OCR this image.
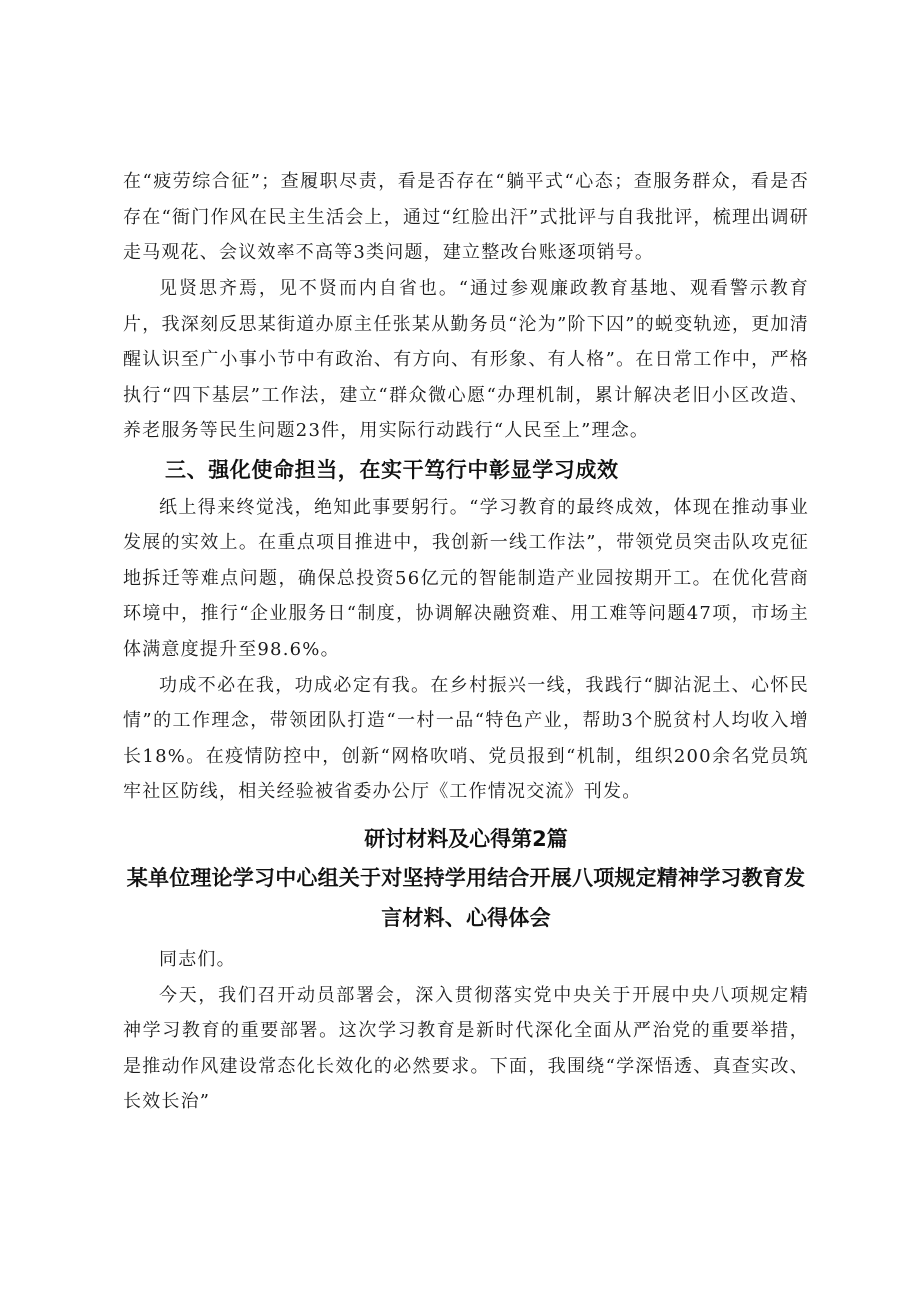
在“疲劳综合征”；查履职尽责，看是否存在“躺平式“心态；查服务群众，看是否存在“衙门作风在民主生活会上，通过“红脸出汗”式批评与自我批评，梳理出调研走马观花、会议效率不高等3类问题，建立整改台账逐项销号。

见贤思齐焉，见不贤而内自省也。“通过参观廉政教育基地、观看警示教育片，我深刻反思某街道办原主任张某从勤务员“沦为”阶下囚”的蜕变轨迹，更加清醒认识至广小事小节中有政治、有方向、有形象、有人格”。在日常工作中，严格执行“四下基层”工作法，建立“群众微心愿“办理机制，累计解决老旧小区改造、养老服务等民生问题23件，用实际行动践行“人民至上”理念。

三、强化使命担当，在实干笃行中彰显学习成效

纸上得来终觉浅，绝知此事要躬行。“学习教育的最终成效，体现在推动事业发展的实效上。在重点项目推进中，我创新一线工作法”，带领党员突击队攻克征地拆迁等难点问题，确保总投资56亿元的智能制造产业园按期开工。在优化营商环境中，推行“企业服务日“制度，协调解决融资难、用工难等问题47项，市场主体满意度提升至98.6%。

功成不必在我，功成必定有我。在乡村振兴一线，我践行“脚沾泥土、心怀民情”的工作理念，带领团队打造“一村一品“特色产业，帮助3个脱贫村人均收入增长18%。在疫情防控中，创新“网格吹哨、党员报到“机制，组织200余名党员筑牢社区防线，相关经验被省委办公厅《工作情况交流》刊发。

研讨材料及心得第2篇
某单位理论学习中心组关于对坚持学用结合开展八项规定精神学习教育发言材料、心得体会

同志们。

今天，我们召开动员部署会，深入贯彻落实党中央关于开展中央八项规定精神学习教育的重要部署。这次学习教育是新时代深化全面从严治党的重要举措，是推动作风建设常态化长效化的必然要求。下面，我围绕“学深悟透、真查实改、长效长治”
